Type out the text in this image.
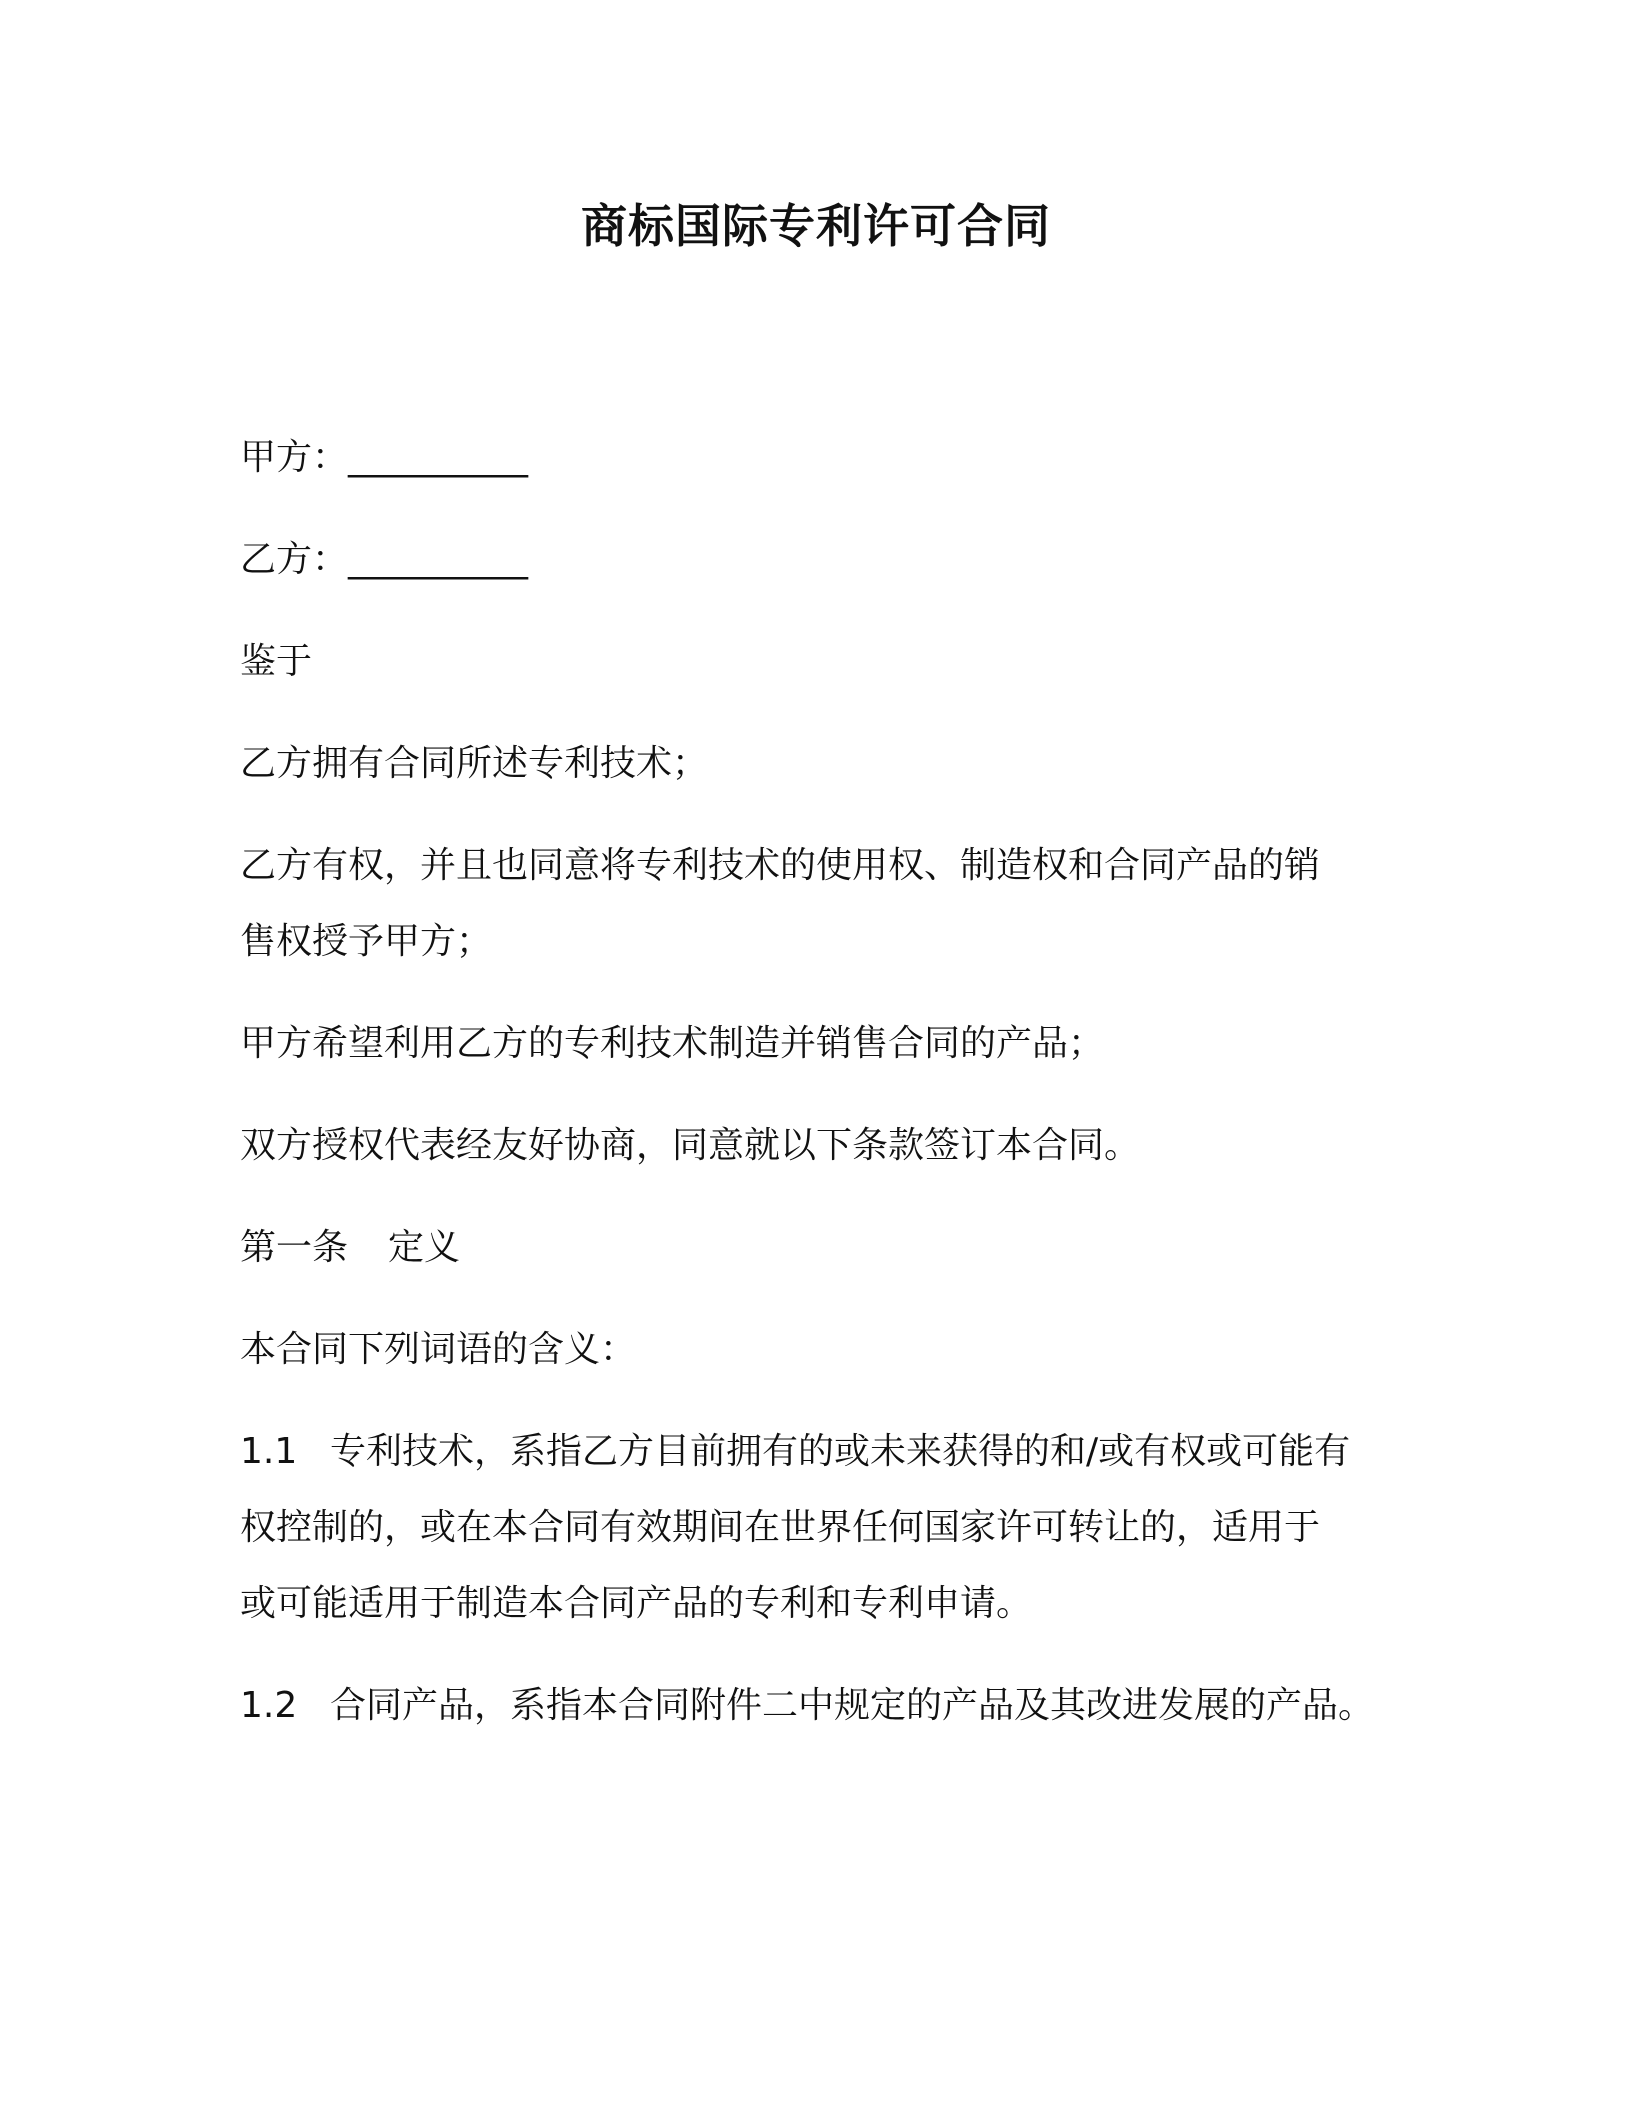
商标国际专利许可合同

甲方：__________

乙方：__________

鉴于

乙方拥有合同所述专利技术；

乙方有权，并且也同意将专利技术的使用权、制造权和合同产品的销
售权授予甲方；

甲方希望利用乙方的专利技术制造并销售合同的产品；

双方授权代表经友好协商，同意就以下条款签订本合同。

第一条 定义

本合同下列词语的含义：

1.1 专利技术，系指乙方目前拥有的或未来获得的和/或有权或可能有
权控制的，或在本合同有效期间在世界任何国家许可转让的，适用于
或可能适用于制造本合同产品的专利和专利申请。

1.2 合同产品，系指本合同附件二中规定的产品及其改进发展的产品。
